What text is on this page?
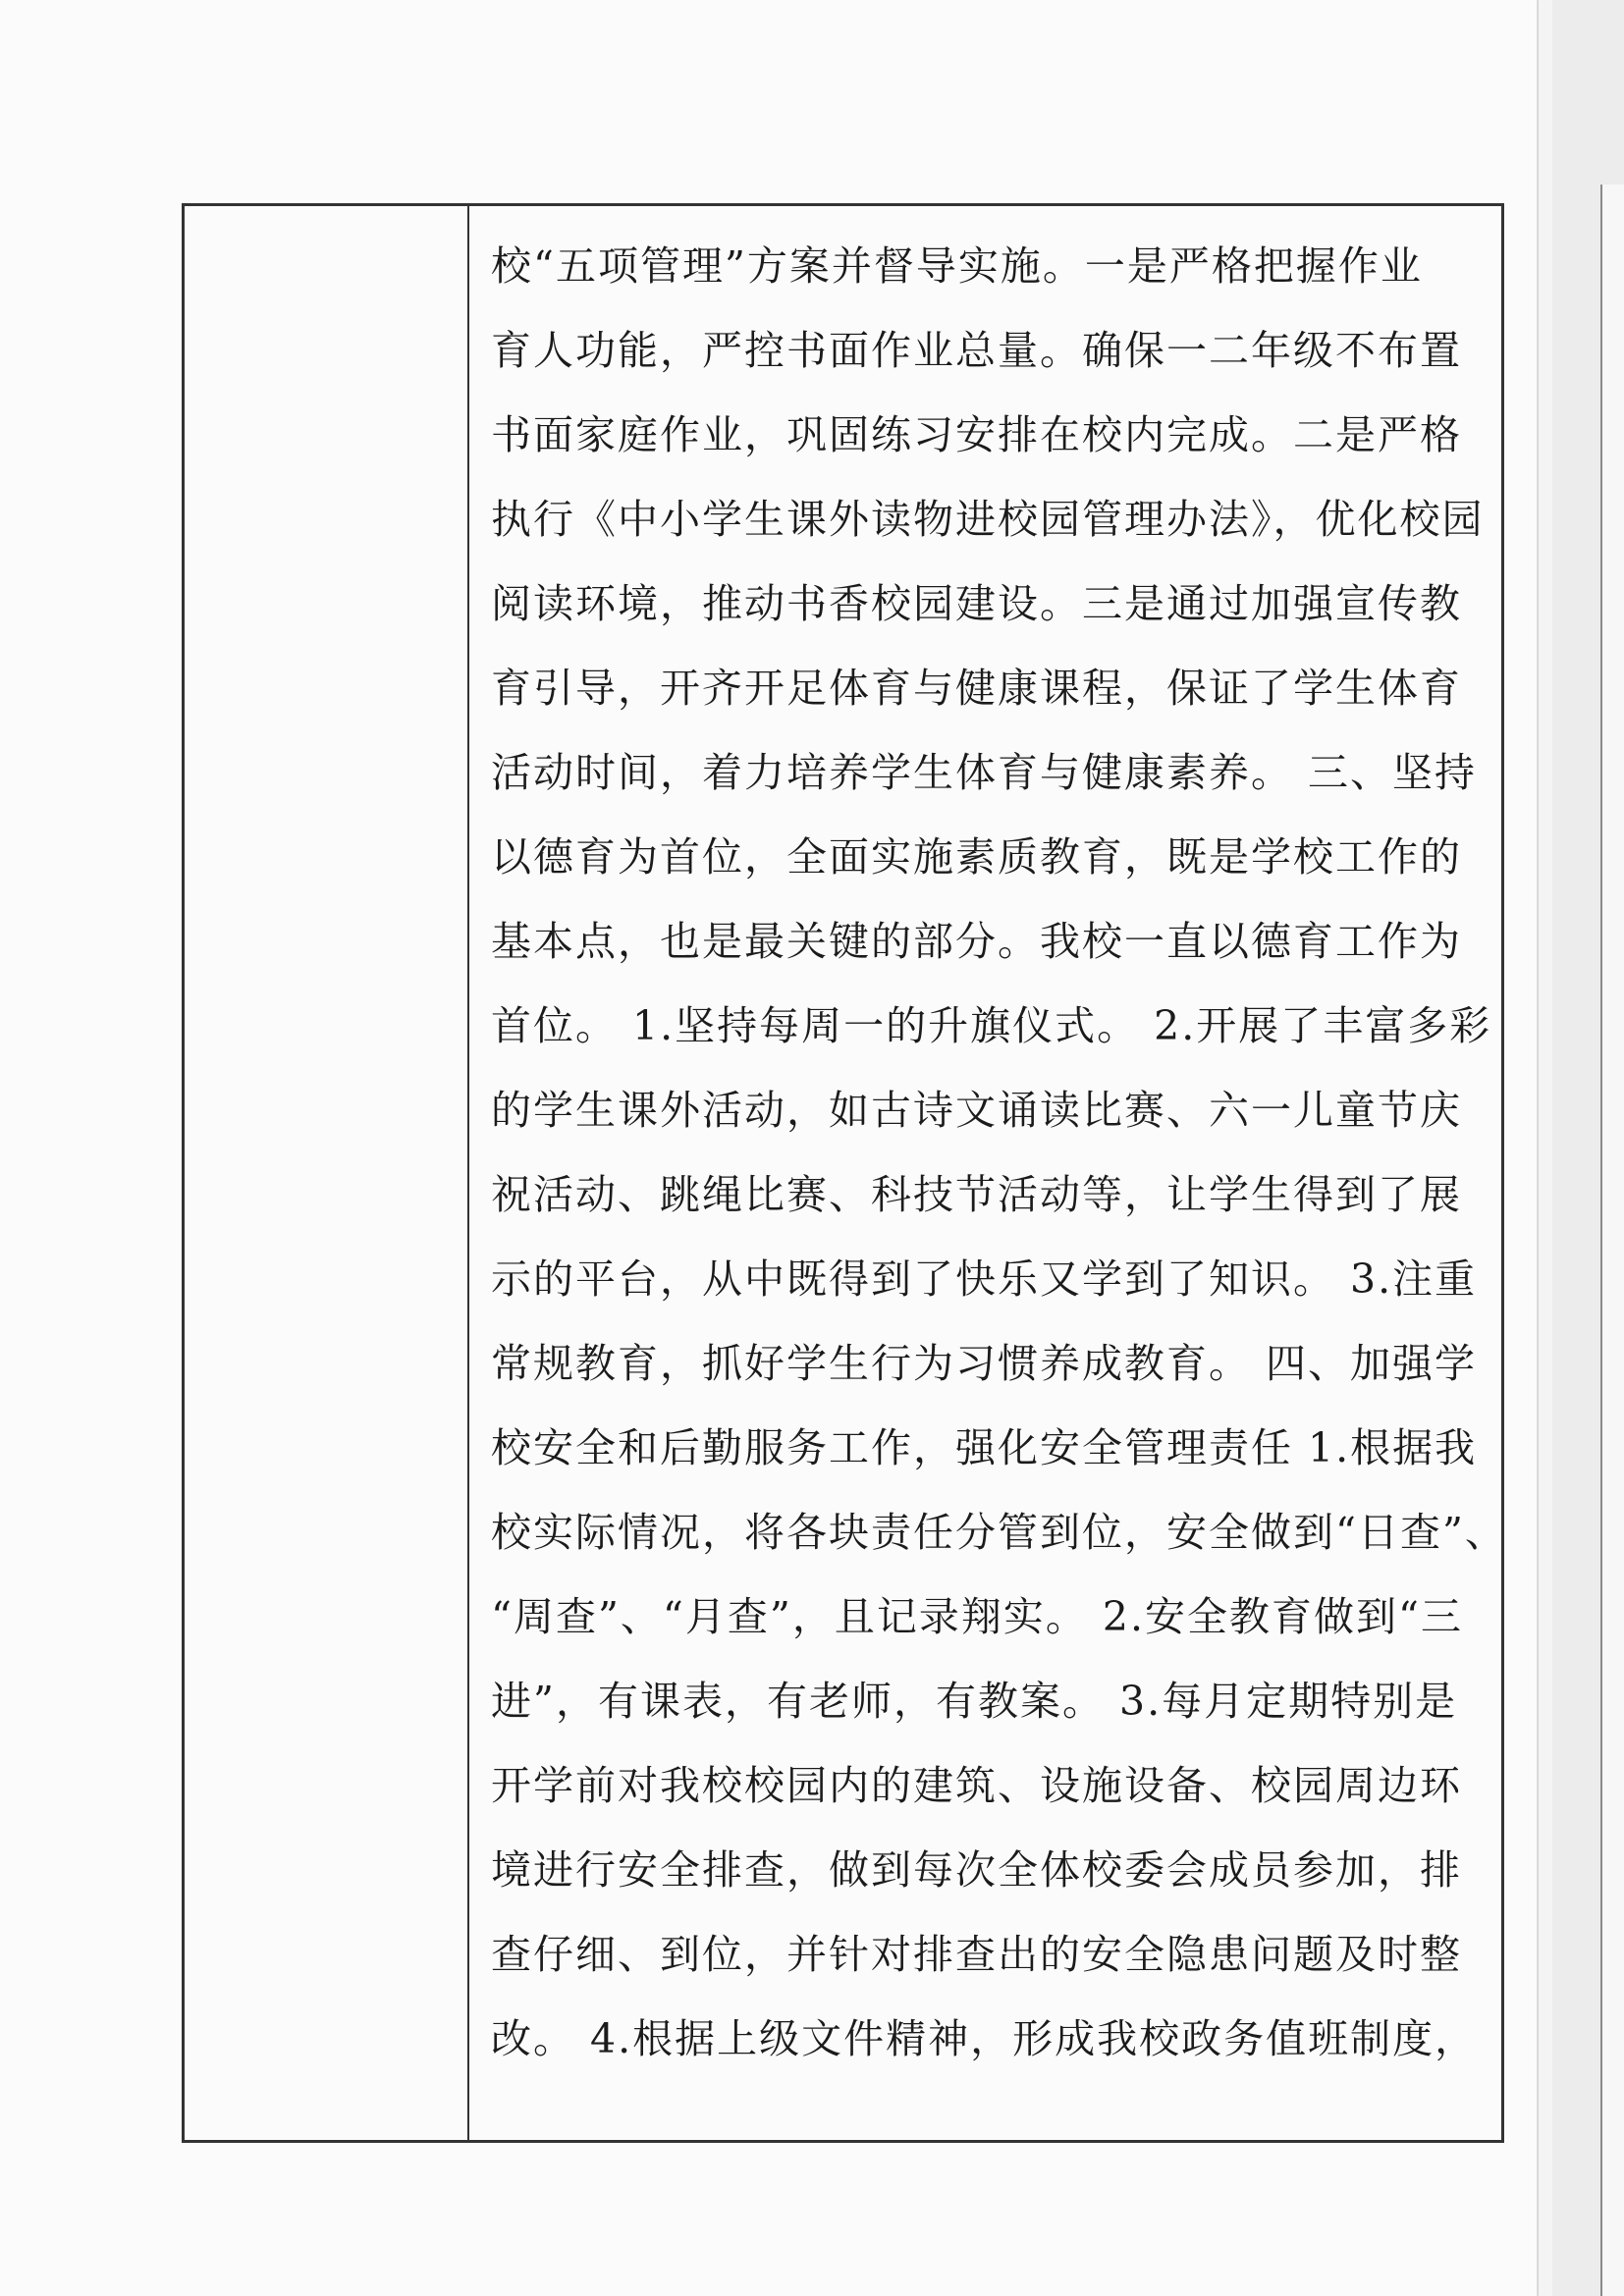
校“五项管理”方案并督导实施。一是严格把握作业
育人功能，严控书面作业总量。确保一二年级不布置
书面家庭作业，巩固练习安排在校内完成。二是严格
执行《中小学生课外读物进校园管理办法》，优化校园
阅读环境，推动书香校园建设。三是通过加强宣传教
育引导，开齐开足体育与健康课程，保证了学生体育
活动时间，着力培养学生体育与健康素养。 三、坚持
以德育为首位，全面实施素质教育，既是学校工作的
基本点，也是最关键的部分。我校一直以德育工作为
首位。 1.坚持每周一的升旗仪式。 2.开展了丰富多彩
的学生课外活动，如古诗文诵读比赛、六一儿童节庆
祝活动、跳绳比赛、科技节活动等，让学生得到了展
示的平台，从中既得到了快乐又学到了知识。 3.注重
常规教育，抓好学生行为习惯养成教育。 四、加强学
校安全和后勤服务工作，强化安全管理责任 1.根据我
校实际情况，将各块责任分管到位，安全做到“日查”、
“周查”、“月查”，且记录翔实。 2.安全教育做到“三
进”，有课表，有老师，有教案。 3.每月定期特别是
开学前对我校校园内的建筑、设施设备、校园周边环
境进行安全排查，做到每次全体校委会成员参加，排
查仔细、到位，并针对排查出的安全隐患问题及时整
改。 4.根据上级文件精神，形成我校政务值班制度，
